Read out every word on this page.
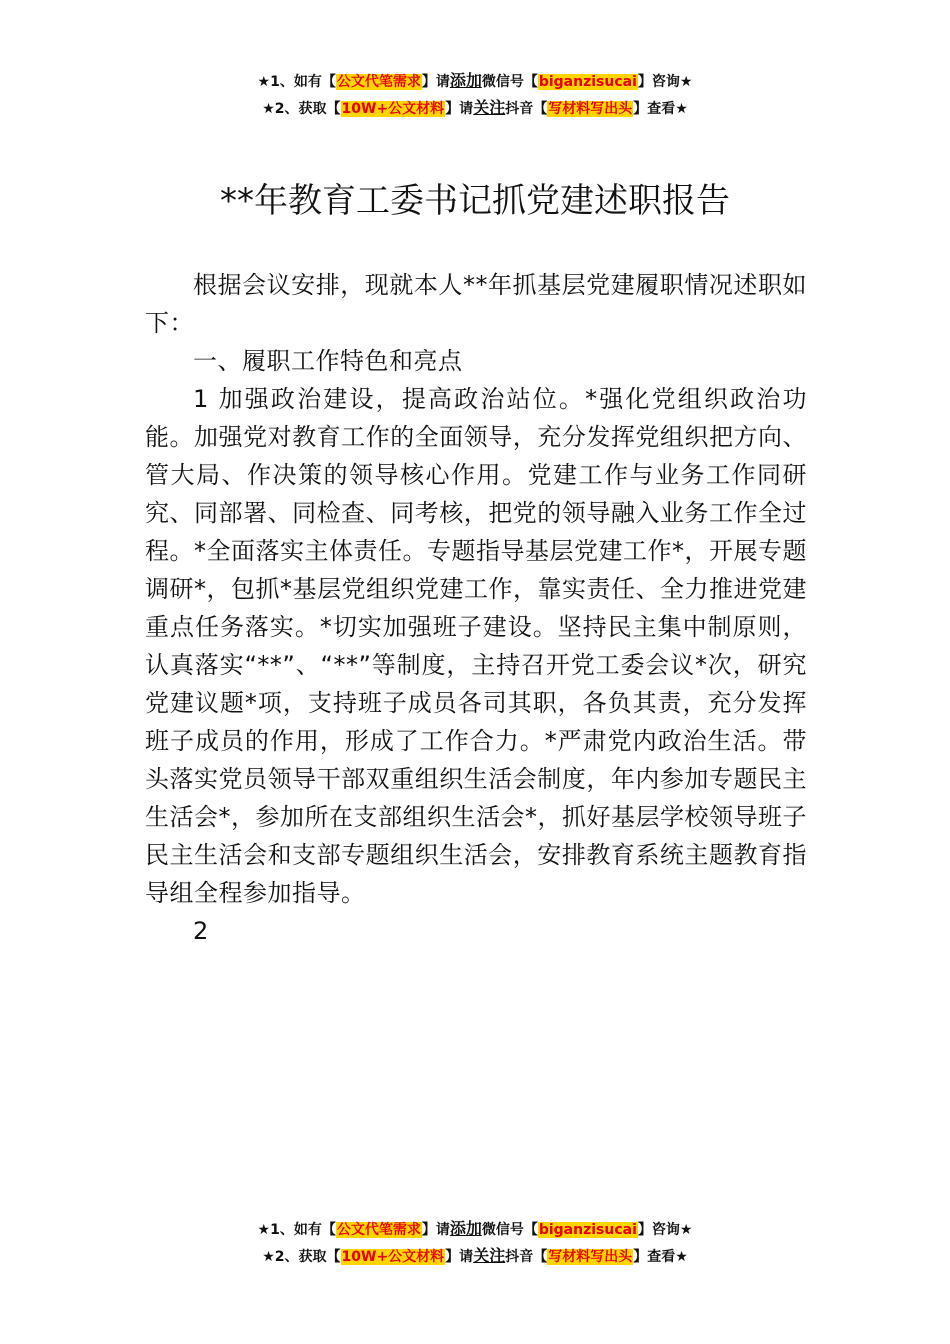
★1、如有【公文代笔需求】请添加微信号【biganzisucai】咨询★
★2、获取【10W+公文材料】请关注抖音【写材料写出头】查看★
**年教育工委书记抓党建述职报告

根据会议安排，现就本人**年抓基层党建履职情况述职如下：

一、履职工作特色和亮点

1 加强政治建设，提高政治站位。*强化党组织政治功能。加强党对教育工作的全面领导，充分发挥党组织把方向、管大局、作决策的领导核心作用。党建工作与业务工作同研究、同部署、同检查、同考核，把党的领导融入业务工作全过程。*全面落实主体责任。专题指导基层党建工作*，开展专题调研*，包抓*基层党组织党建工作，靠实责任、全力推进党建重点任务落实。*切实加强班子建设。坚持民主集中制原则，认真落实“**”、“**”等制度，主持召开党工委会议*次，研究党建议题*项，支持班子成员各司其职，各负其责，充分发挥班子成员的作用，形成了工作合力。*严肃党内政治生活。带头落实党员领导干部双重组织生活会制度，年内参加专题民主生活会*，参加所在支部组织生活会*，抓好基层学校领导班子民主生活会和支部专题组织生活会，安排教育系统主题教育指导组全程参加指导。

2

★1、如有【公文代笔需求】请添加微信号【biganzisucai】咨询★
★2、获取【10W+公文材料】请关注抖音【写材料写出头】查看★
